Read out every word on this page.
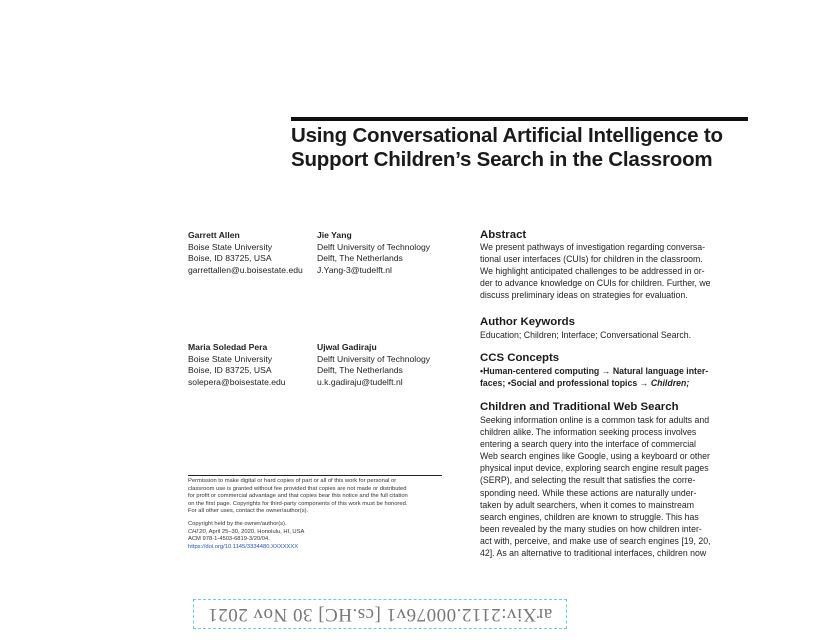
Using Conversational Artificial Intelligence to
Support Children’s Search in the Classroom
Garrett Allen
Boise State University
Boise, ID 83725, USA
garrettallen@u.boisestate.edu
Jie Yang
Delft University of Technology
Delft, The Netherlands
J.Yang-3@tudelft.nl
Maria Soledad Pera
Boise State University
Boise, ID 83725, USA
solepera@boisestate.edu
Ujwal Gadiraju
Delft University of Technology
Delft, The Netherlands
u.k.gadiraju@tudelft.nl
Permission to make digital or hard copies of part or all of this work for personal or
classroom use is granted without fee provided that copies are not made or distributed
for profit or commercial advantage and that copies bear this notice and the full citation
on the first page. Copyrights for third-party components of this work must be honored.
For all other uses, contact the owner/author(s).
Copyright held by the owner/author(s).
CHI’20, April 25–30, 2020, Honolulu, HI, USA
ACM 978-1-4503-6819-3/20/04.
https://doi.org/10.1145/3334480.XXXXXXX
Abstract
We present pathways of investigation regarding conversa-
tional user interfaces (CUIs) for children in the classroom.
We highlight anticipated challenges to be addressed in or-
der to advance knowledge on CUIs for children. Further, we
discuss preliminary ideas on strategies for evaluation.
Author Keywords
Education; Children; Interface; Conversational Search.
CCS Concepts
•Human-centered computing → Natural language inter-
faces; •Social and professional topics → Children;
Children and Traditional Web Search
Seeking information online is a common task for adults and
children alike. The information seeking process involves
entering a search query into the interface of commercial
Web search engines like Google, using a keyboard or other
physical input device, exploring search engine result pages
(SERP), and selecting the result that satisfies the corre-
sponding need. While these actions are naturally under-
taken by adult searchers, when it comes to mainstream
search engines, children are known to struggle. This has
been revealed by the many studies on how children inter-
act with, perceive, and make use of search engines [19, 20,
42]. As an alternative to traditional interfaces, children now
arXiv:2112.00076v1 [cs.HC] 30 Nov 2021
